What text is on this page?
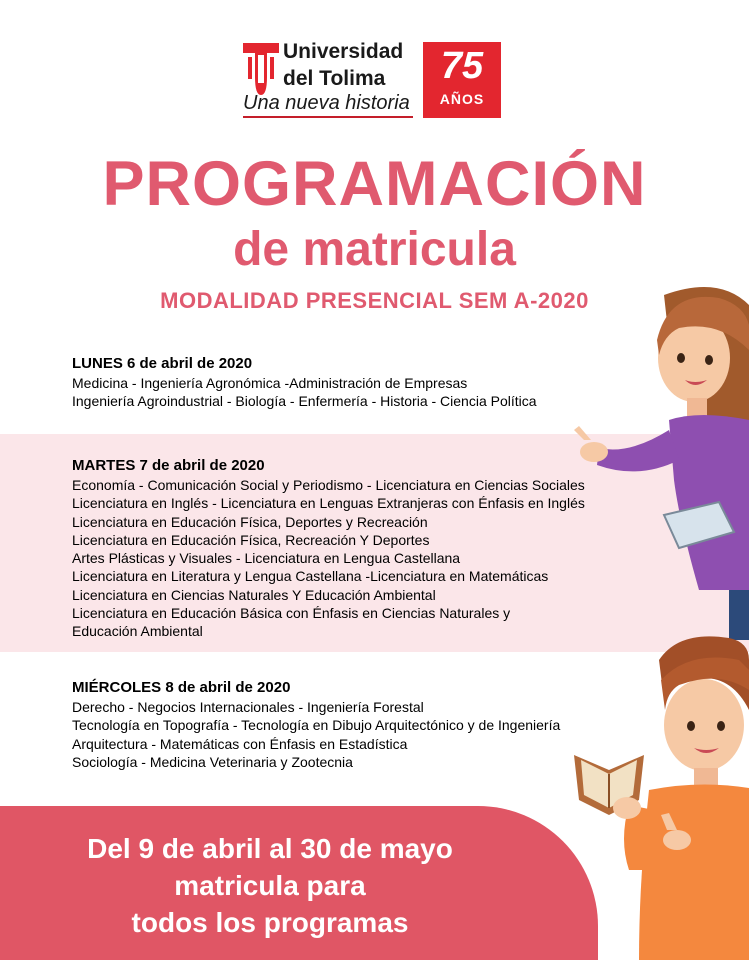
Universidad
del Tolima
Una nueva historia
75
AÑOS
PROGRAMACIÓN
de matricula
MODALIDAD PRESENCIAL SEM A-2020
LUNES 6 de abril de 2020
Medicina - Ingeniería Agronómica -Administración de Empresas
Ingeniería Agroindustrial - Biología - Enfermería - Historia - Ciencia Política
MARTES 7 de abril de 2020
Economía - Comunicación Social y Periodismo - Licenciatura en Ciencias Sociales
Licenciatura en Inglés - Licenciatura en Lenguas Extranjeras con Énfasis en Inglés
Licenciatura en Educación Física, Deportes y Recreación
Licenciatura en Educación Física, Recreación Y Deportes
Artes Plásticas y Visuales - Licenciatura en Lengua Castellana
Licenciatura en Literatura y Lengua Castellana -Licenciatura en Matemáticas
Licenciatura en Ciencias Naturales Y Educación Ambiental
Licenciatura en Educación Básica con Énfasis en Ciencias Naturales y
Educación Ambiental
MIÉRCOLES 8 de abril de 2020
Derecho - Negocios Internacionales - Ingeniería Forestal
Tecnología en Topografía - Tecnología en Dibujo Arquitectónico y de Ingeniería
Arquitectura - Matemáticas con Énfasis en Estadística
Sociología - Medicina Veterinaria y Zootecnia
Del 9 de abril al 30 de mayo
matricula para
todos los programas
